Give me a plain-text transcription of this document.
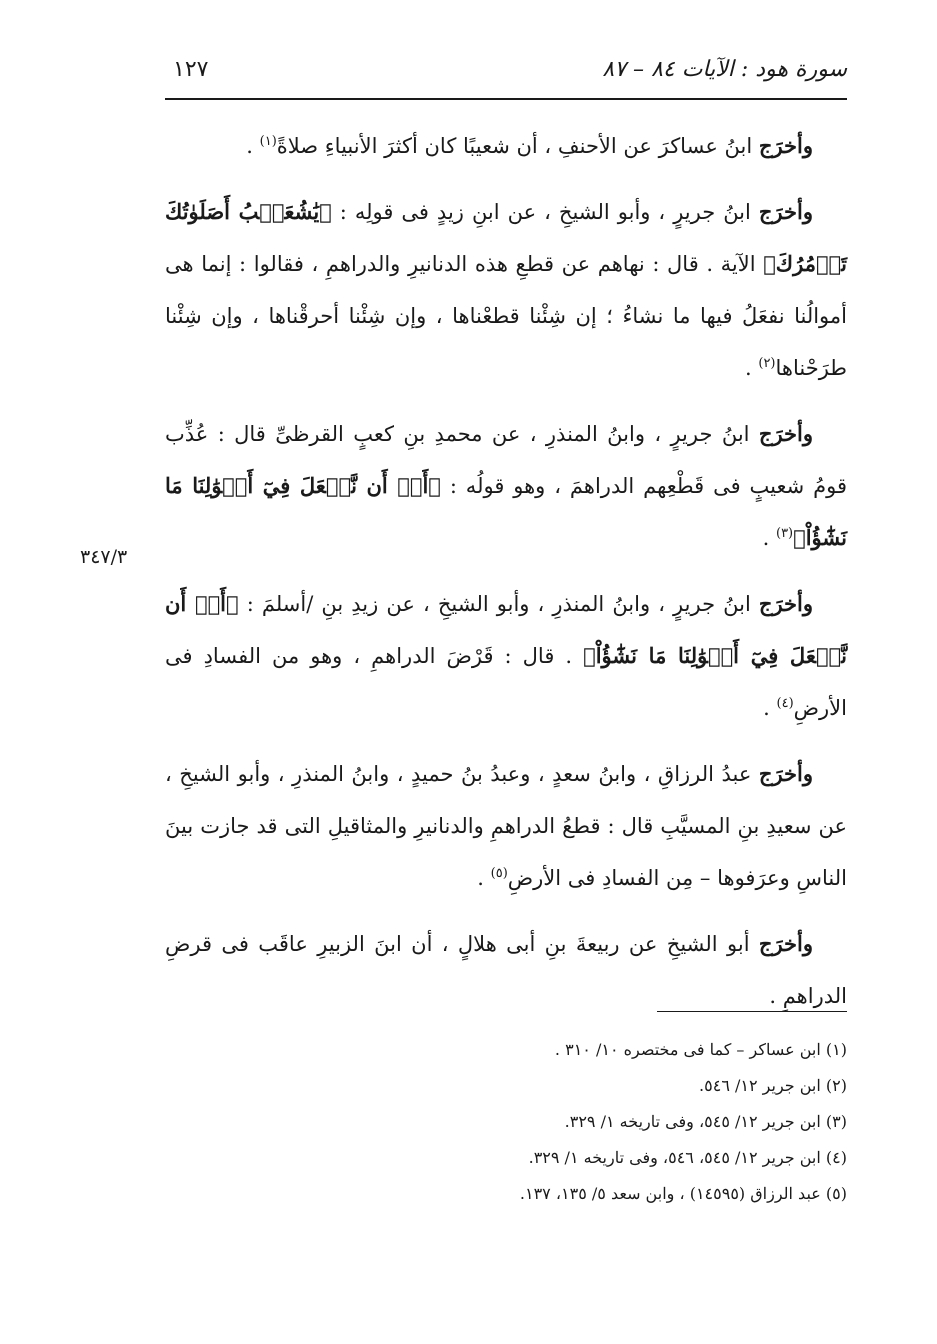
سورة هود : الآيات ٨٤ – ٨٧
١٢٧
٣٤٧/٣

وأخرَج ابنُ عساكرَ عن الأحنفِ ، أن شعيبًا كان أكثرَ الأنبياءِ صلاةً$^{(١)}$ .

وأخرَج ابنُ جريرٍ ، وأبو الشيخِ ، عن ابنِ زيدٍ فى قولِه : ﴿يَٰشُعَيۡبُ أَصَلَوٰتُكَ تَأۡمُرُكَ﴾ الآية . قال : نهاهم عن قطعِ هذه الدنانيرِ والدراهمِ ، فقالوا : إنما هى أموالُنا نفعَلُ فيها ما نشاءُ ؛ إن شِئْنا قطعْناها ، وإن شِئْنا أحرقْناها ، وإن شِئْنا طرَحْناها$^{(٢)}$ .

وأخرَج ابنُ جريرٍ ، وابنُ المنذرِ ، عن محمدِ بنِ كعبٍ القرظىِّ قال : عُذِّب قومُ شعيبٍ فى قَطْعِهم الدراهمَ ، وهو قولُه : ﴿أَوۡ أَن نَّفۡعَلَ فِيٓ أَمۡوَٰلِنَا مَا نَشَٰٓؤُاْ﴾$^{(٣)}$ .

وأخرَج ابنُ جريرٍ ، وابنُ المنذرِ ، وأبو الشيخِ ، عن زيدِ بنِ /أسلمَ : ﴿أَوۡ أَن نَّفۡعَلَ فِيٓ أَمۡوَٰلِنَا مَا نَشَٰٓؤُاْ﴾ . قال : قَرْضَ الدراهمِ ، وهو من الفسادِ فى الأرضِ$^{(٤)}$ .

وأخرَج عبدُ الرزاقِ ، وابنُ سعدٍ ، وعبدُ بنُ حميدٍ ، وابنُ المنذرِ ، وأبو الشيخِ ، عن سعيدِ بنِ المسيَّبِ قال : قطعُ الدراهمِ والدنانيرِ والمثاقيلِ التى قد جازت بينَ الناسِ وعرَفوها – مِن الفسادِ فى الأرضِ$^{(٥)}$ .

وأخرَج أبو الشيخِ عن ربيعةَ بنِ أبى هلالٍ ، أن ابنَ الزبيرِ عاقَب فى قرضِ الدراهمِ .

(١) ابن عساكر – كما فى مختصره ١٠/ ٣١٠ .
(٢) ابن جرير ١٢/ ٥٤٦.
(٣) ابن جرير ١٢/ ٥٤٥، وفى تاريخه ١/ ٣٢٩.
(٤) ابن جرير ١٢/ ٥٤٥، ٥٤٦، وفى تاريخه ١/ ٣٢٩.
(٥) عبد الرزاق (١٤٥٩٥) ، وابن سعد ٥/ ١٣٥، ١٣٧.
